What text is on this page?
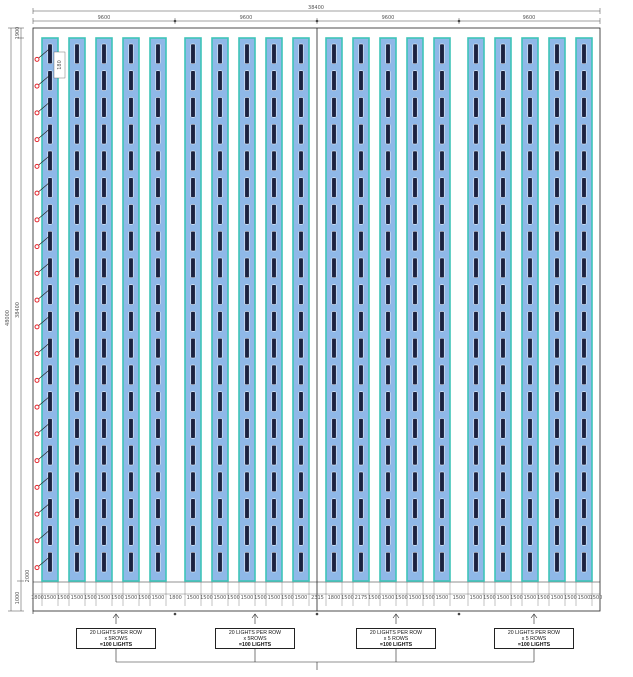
38400
9600	9600	9600	9600
48000
38400
1900
2000
1000 1800 1500 1500 1500 1500 1500 1500 1500 1500 1500 1800 1500 1500 1500 1500 1500 1500 1500 1500 1500 2315 1800 1500 2175 1500 1500 1500 1500 1500 1500 1500 1500 1500 1500 1500 1500 1500 1500 1500 1500 1500
180
20 LIGHTS PER ROW
x 5ROWS
=100 LIGHTS
20 LIGHTS PER ROW
x 5ROWS
=100 LIGHTS
20 LIGHTS PER ROW
x 5 ROWS
=100 LIGHTS
20 LIGHTS PER ROW
x 5 ROWS
=100 LIGHTS
